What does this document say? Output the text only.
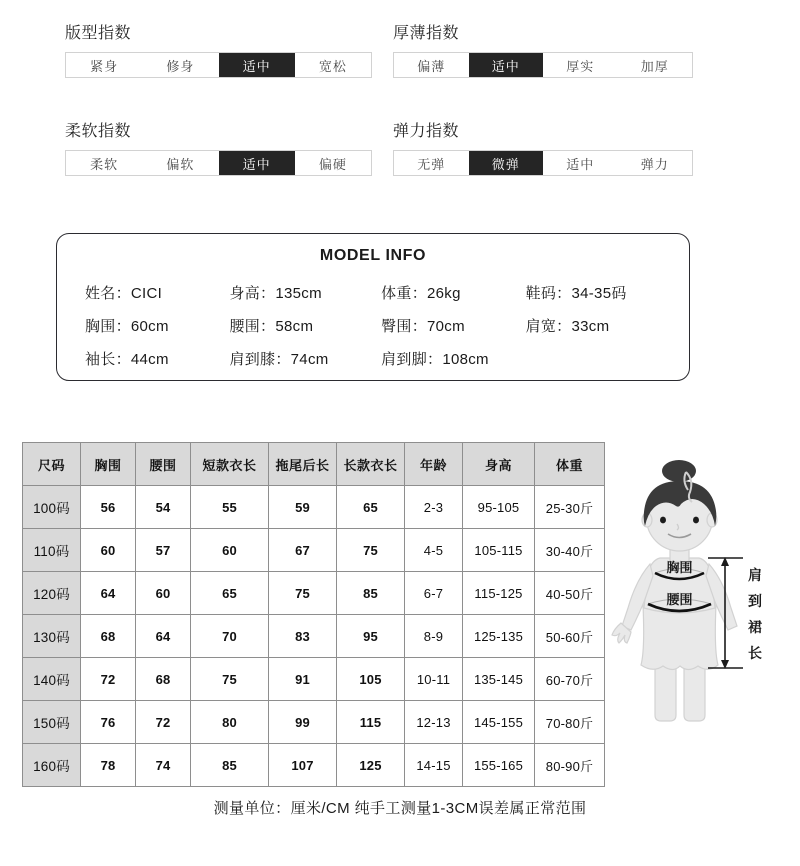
版型指数
紧身	修身	适中	宽松
厚薄指数
偏薄	适中	厚实	加厚
柔软指数
柔软	偏软	适中	偏硬
弹力指数
无弹	微弹	适中	弹力
MODEL INFO
姓名：CICI	身高：135cm	体重：26kg	鞋码：34-35码
胸围：60cm	腰围：58cm	臀围：70cm	肩宽：33cm
袖长：44cm	肩到膝：74cm	肩到脚：108cm
尺码	胸围	腰围	短款衣长	拖尾后长	长款衣长	年龄	身高	体重
100码	56	54	55	59	65	2-3	95-105	25-30斤
110码	60	57	60	67	75	4-5	105-115	30-40斤
120码	64	60	65	75	85	6-7	115-125	40-50斤
130码	68	64	70	83	95	8-9	125-135	50-60斤
140码	72	68	75	91	105	10-11	135-145	60-70斤
150码	76	72	80	99	115	12-13	145-155	70-80斤
160码	78	74	85	107	125	14-15	155-165	80-90斤
胸围
腰围
肩到裙长
测量单位：厘米/CM 纯手工测量1-3CM误差属正常范围
